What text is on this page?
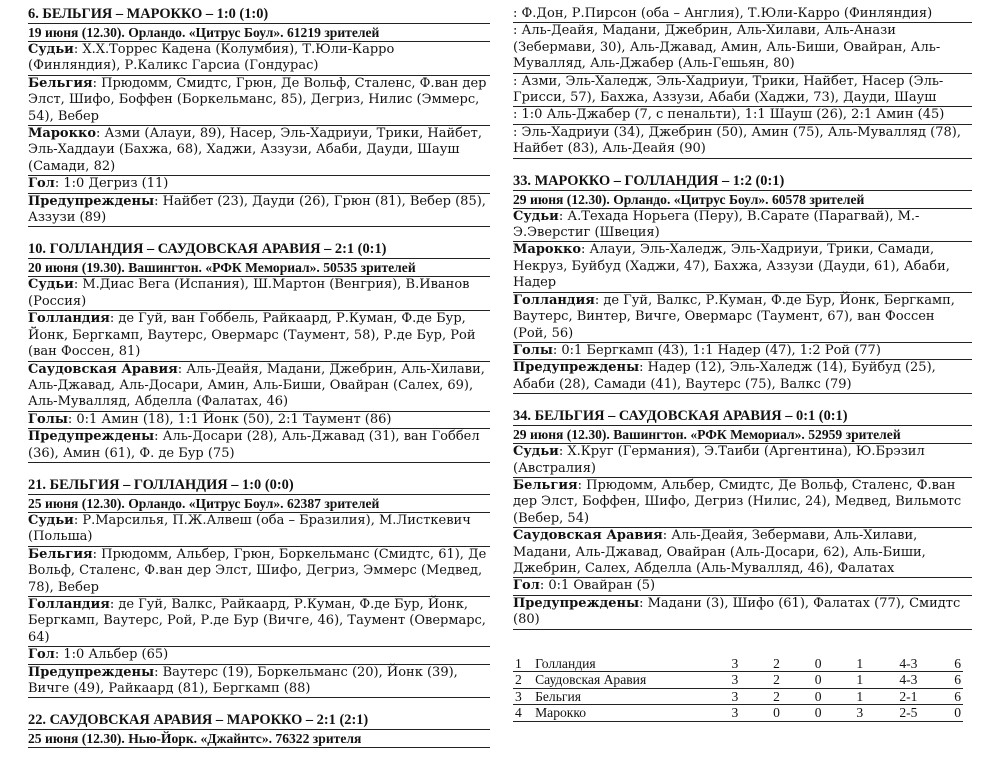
6. БЕЛЬГИЯ – МАРОККО – 1:0 (1:0)
19 июня (12.30). Орландо. «Цитрус Боул». 61219 зрителей
Судьи: Х.Х.Торрес Кадена (Колумбия), Т.Юли-Карро (Финляндия), Р.Каликс Гарсиа (Гондурас)
Бельгия: Прюдомм, Смидтс, Грюн, Де Вольф, Сталенс, Ф.ван дер Элст, Шифо, Боффен (Боркельманс, 85), Дегриз, Нилис (Эммерс, 54), Вебер
Марокко: Азми (Алауи, 89), Насер, Эль-Хадриуи, Трики, Найбет, Эль-Хаддауи (Бахжа, 68), Хаджи, Аззузи, Абаби, Дауди, Шауш (Самади, 82)
Гол: 1:0 Дегриз (11)
Предупреждены: Найбет (23), Дауди (26), Грюн (81), Вебер (85), Аззузи (89)
10. ГОЛЛАНДИЯ – САУДОВСКАЯ АРАВИЯ – 2:1 (0:1)
20 июня (19.30). Вашингтон. «РФК Мемориал». 50535 зрителей
Судьи: М.Диас Вега (Испания), Ш.Мартон (Венгрия), В.Иванов (Россия)
Голландия: де Гуй, ван Гоббель, Райкаард, Р.Куман, Ф.де Бур, Йонк, Бергкамп, Ваутерс, Овермарс (Таумент, 58), Р.де Бур, Рой (ван Фоссен, 81)
Саудовская Аравия: Аль-Деайя, Мадани, Джебрин, Аль-Хилави, Аль-Джавад, Аль-Досари, Амин, Аль-Биши, Овайран (Салех, 69), Аль-Мувалляд, Абделла (Фалатах, 46)
Голы: 0:1 Амин (18), 1:1 Йонк (50), 2:1 Таумент (86)
Предупреждены: Аль-Досари (28), Аль-Джавад (31), ван Гоббел (36), Амин (61), Ф. де Бур (75)
21. БЕЛЬГИЯ – ГОЛЛАНДИЯ – 1:0 (0:0)
25 июня (12.30). Орландо. «Цитрус Боул». 62387 зрителей
Судьи: Р.Марсилья, П.Ж.Алвеш (оба – Бразилия), М.Листкевич (Польша)
Бельгия: Прюдомм, Альбер, Грюн, Боркельманс (Смидтс, 61), Де Вольф, Сталенс, Ф.ван дер Элст, Шифо, Дегриз, Эммерс (Медвед, 78), Вебер
Голландия: де Гуй, Валкс, Райкаард, Р.Куман, Ф.де Бур, Йонк, Бергкамп, Ваутерс, Рой, Р.де Бур (Вичге, 46), Таумент (Овермарс, 64)
Гол: 1:0 Альбер (65)
Предупреждены: Ваутерс (19), Боркельманс (20), Йонк (39), Вичге (49), Райкаард (81), Бергкамп (88)
22. САУДОВСКАЯ АРАВИЯ – МАРОККО – 2:1 (2:1)
25 июня (12.30). Нью-Йорк. «Джайнтс». 76322 зрителя
: Ф.Дон, Р.Пирсон (оба – Англия), Т.Юли-Карро (Финляндия)
: Аль-Деайя, Мадани, Джебрин, Аль-Хилави, Аль-Анази (Зебермави, 30), Аль-Джавад, Амин, Аль-Биши, Овайран, Аль-Мувалляд, Аль-Джабер (Аль-Гешьян, 80)
: Азми, Эль-Халедж, Эль-Хадриуи, Трики, Найбет, Насер (Эль-Грисси, 57), Бахжа, Аззузи, Абаби (Хаджи, 73), Дауди, Шауш
: 1:0 Аль-Джабер (7, с пенальти), 1:1 Шауш (26), 2:1 Амин (45)
: Эль-Хадриуи (34), Джебрин (50), Амин (75), Аль-Мувалляд (78), Найбет (83), Аль-Деайя (90)
33. МАРОККО – ГОЛЛАНДИЯ – 1:2 (0:1)
29 июня (12.30). Орландо. «Цитрус Боул». 60578 зрителей
Судьи: А.Техада Норьега (Перу), В.Сарате (Парагвай), М.-Э.Эверстиг (Швеция)
Марокко: Алауи, Эль-Халедж, Эль-Хадриуи, Трики, Самади, Некруз, Буйбуд (Хаджи, 47), Бахжа, Аззузи (Дауди, 61), Абаби, Надер
Голландия: де Гуй, Валкс, Р.Куман, Ф.де Бур, Йонк, Бергкамп, Ваутерс, Винтер, Вичге, Овермарс (Таумент, 67), ван Фоссен (Рой, 56)
Голы: 0:1 Бергкамп (43), 1:1 Надер (47), 1:2 Рой (77)
Предупреждены: Надер (12), Эль-Халедж (14), Буйбуд (25), Абаби (28), Самади (41), Ваутерс (75), Валкс (79)
34. БЕЛЬГИЯ – САУДОВСКАЯ АРАВИЯ – 0:1 (0:1)
29 июня (12.30). Вашингтон. «РФК Мемориал». 52959 зрителей
Судьи: Х.Круг (Германия), Э.Таиби (Аргентина), Ю.Брэзил (Австралия)
Бельгия: Прюдомм, Альбер, Смидтс, Де Вольф, Сталенс, Ф.ван дер Элст, Боффен, Шифо, Дегриз (Нилис, 24), Медвед, Вильмотс (Вебер, 54)
Саудовская Аравия: Аль-Деайя, Зебермави, Аль-Хилави, Мадани, Аль-Джавад, Овайран (Аль-Досари, 62), Аль-Биши, Джебрин, Салех, Абделла (Аль-Мувалляд, 46), Фалатах
Гол: 0:1 Овайран (5)
Предупреждены: Мадани (3), Шифо (61), Фалатах (77), Смидтс (80)
1	Голландия	3	2	0	1	4-3	6
2	Саудовская Аравия	3	2	0	1	4-3	6
3	Бельгия	3	2	0	1	2-1	6
4	Марокко	3	0	0	3	2-5	0
